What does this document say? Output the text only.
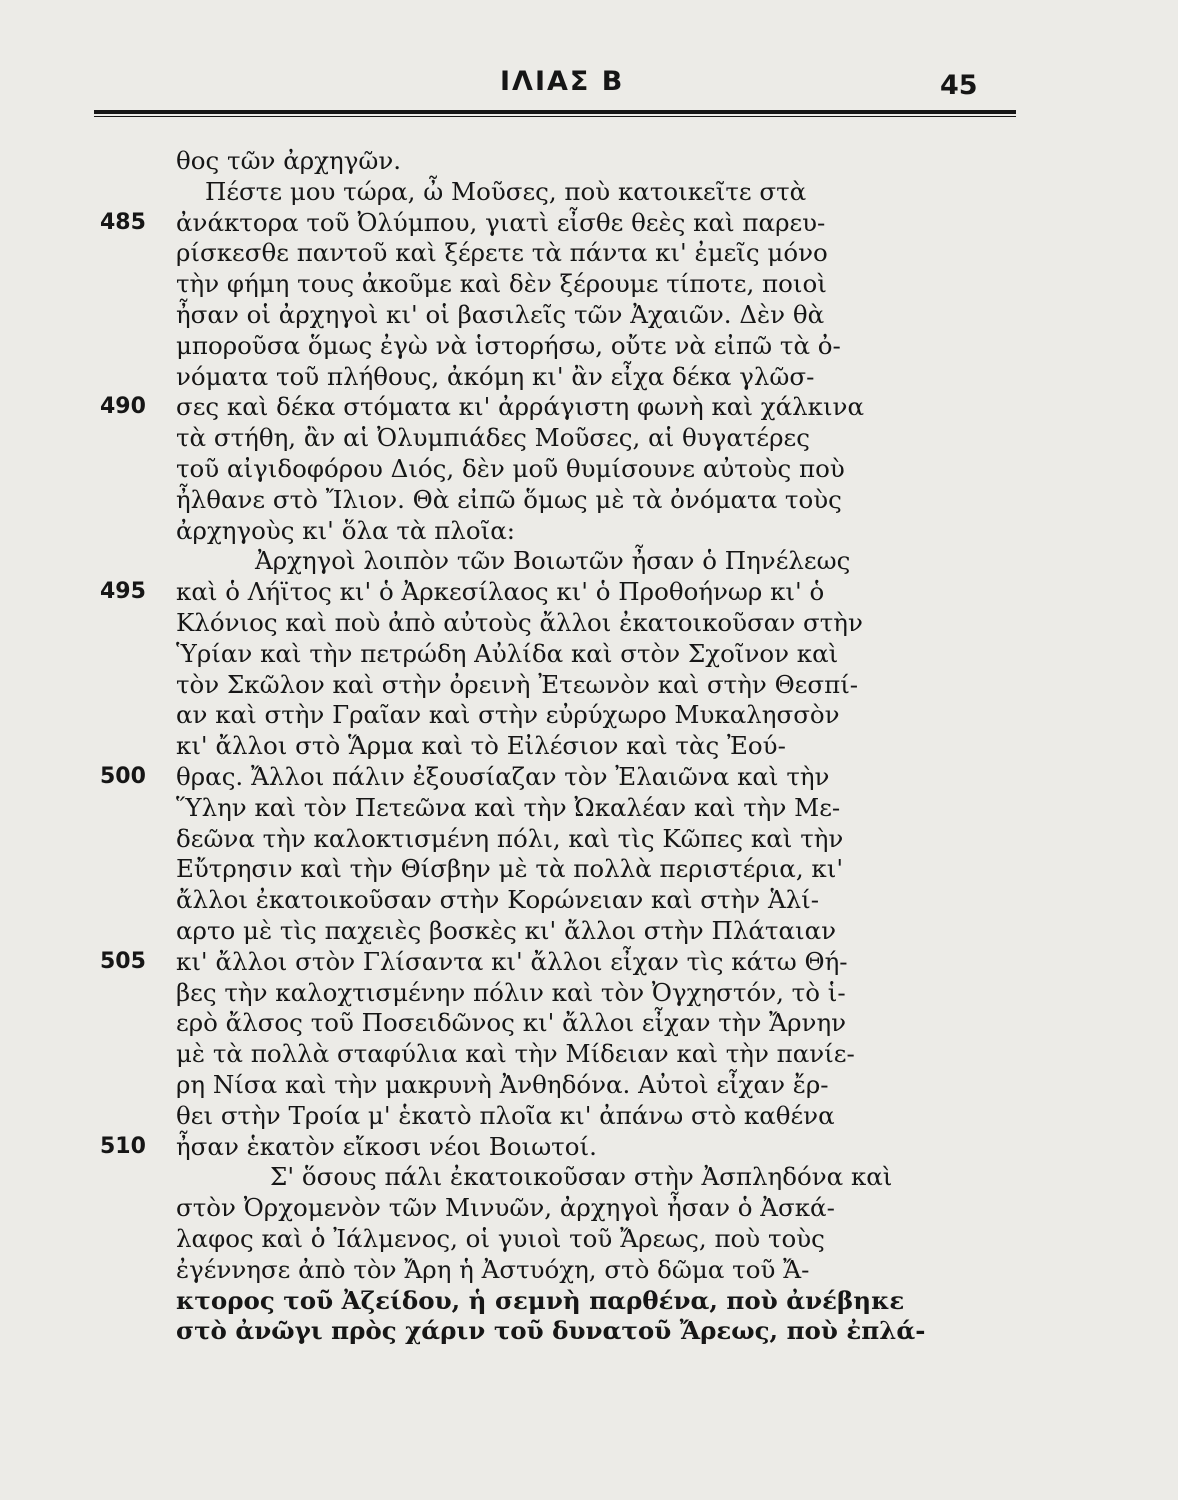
ΙΛΙΑΣ Β	45
θος τῶν ἀρχηγῶν.
Πέστε μου τώρα, ὦ Μοῦσες, ποὺ κατοικεῖτε στὰ
ἀνάκτορα τοῦ Ὀλύμπου, γιατὶ εἶσθε θεὲς καὶ παρευ-
485
ρίσκεσθε παντοῦ καὶ ξέρετε τὰ πάντα κι' ἐμεῖς μόνο
τὴν φήμη τους ἀκοῦμε καὶ δὲν ξέρουμε τίποτε, ποιοὶ
ἦσαν οἱ ἀρχηγοὶ κι' οἱ βασιλεῖς τῶν Ἀχαιῶν. Δὲν θὰ
μποροῦσα ὅμως ἐγὼ νὰ ἱστορήσω, οὔτε νὰ εἰπῶ τὰ ὀ-
νόματα τοῦ πλήθους, ἀκόμη κι' ἂν εἶχα δέκα γλῶσ-
σες καὶ δέκα στόματα κι' ἀρράγιστη φωνὴ καὶ χάλκινα
490
τὰ στήθη, ἂν αἱ Ὀλυμπιάδες Μοῦσες, αἱ θυγατέρες
τοῦ αἰγιδοφόρου Διός, δὲν μοῦ θυμίσουνε αὐτοὺς ποὺ
ἦλθανε στὸ Ἴλιον. Θὰ εἰπῶ ὅμως μὲ τὰ ὀνόματα τοὺς
ἀρχηγοὺς κι' ὅλα τὰ πλοῖα:
Ἀρχηγοὶ λοιπὸν τῶν Βοιωτῶν ἦσαν ὁ Πηνέλεως
καὶ ὁ Λήϊτος κι' ὁ Ἀρκεσίλαος κι' ὁ Προθοήνωρ κι' ὁ
495
Κλόνιος καὶ ποὺ ἀπὸ αὐτοὺς ἄλλοι ἐκατοικοῦσαν στὴν
Ὑρίαν καὶ τὴν πετρώδη Αὐλίδα καὶ στὸν Σχοῖνον καὶ
τὸν Σκῶλον καὶ στὴν ὀρεινὴ Ἐτεωνὸν καὶ στὴν Θεσπί-
αν καὶ στὴν Γραῖαν καὶ στὴν εὐρύχωρο Μυκαλησσὸν
κι' ἄλλοι στὸ Ἅρμα καὶ τὸ Εἰλέσιον καὶ τὰς Ἐού-
θρας. Ἄλλοι πάλιν ἐξουσίαζαν τὸν Ἐλαιῶνα καὶ τὴν
500
Ὕλην καὶ τὸν Πετεῶνα καὶ τὴν Ὠκαλέαν καὶ τὴν Με-
δεῶνα τὴν καλοκτισμένη πόλι, καὶ τὶς Κῶπες καὶ τὴν
Εὔτρησιν καὶ τὴν Θίσβην μὲ τὰ πολλὰ περιστέρια, κι'
ἄλλοι ἐκατοικοῦσαν στὴν Κορώνειαν καὶ στὴν Ἁλί-
αρτο μὲ τὶς παχειὲς βοσκὲς κι' ἄλλοι στὴν Πλάταιαν
κι' ἄλλοι στὸν Γλίσαντα κι' ἄλλοι εἶχαν τὶς κάτω Θή-
505
βες τὴν καλοχτισμένην πόλιν καὶ τὸν Ὀγχηστόν, τὸ ἱ-
ερὸ ἄλσος τοῦ Ποσειδῶνος κι' ἄλλοι εἶχαν τὴν Ἄρνην
μὲ τὰ πολλὰ σταφύλια καὶ τὴν Μίδειαν καὶ τὴν πανίε-
ρη Νίσα καὶ τὴν μακρυνὴ Ἀνθηδόνα. Αὐτοὶ εἶχαν ἔρ-
θει στὴν Τροία μ' ἑκατὸ πλοῖα κι' ἀπάνω στὸ καθένα
ἦσαν ἑκατὸν εἴκοσι νέοι Βοιωτοί.
510
Σ' ὅσους πάλι ἐκατοικοῦσαν στὴν Ἀσπληδόνα καὶ
στὸν Ὀρχομενὸν τῶν Μινυῶν, ἀρχηγοὶ ἦσαν ὁ Ἀσκά-
λαφος καὶ ὁ Ἰάλμενος, οἱ γυιοὶ τοῦ Ἄρεως, ποὺ τοὺς
ἐγέννησε ἀπὸ τὸν Ἄρη ἡ Ἀστυόχη, στὸ δῶμα τοῦ Ἄ-
κτορος τοῦ Ἀζείδου, ἡ σεμνὴ παρθένα, ποὺ ἀνέβηκε
στὸ ἀνῶγι πρὸς χάριν τοῦ δυνατοῦ Ἄρεως, ποὺ ἐπλά-
